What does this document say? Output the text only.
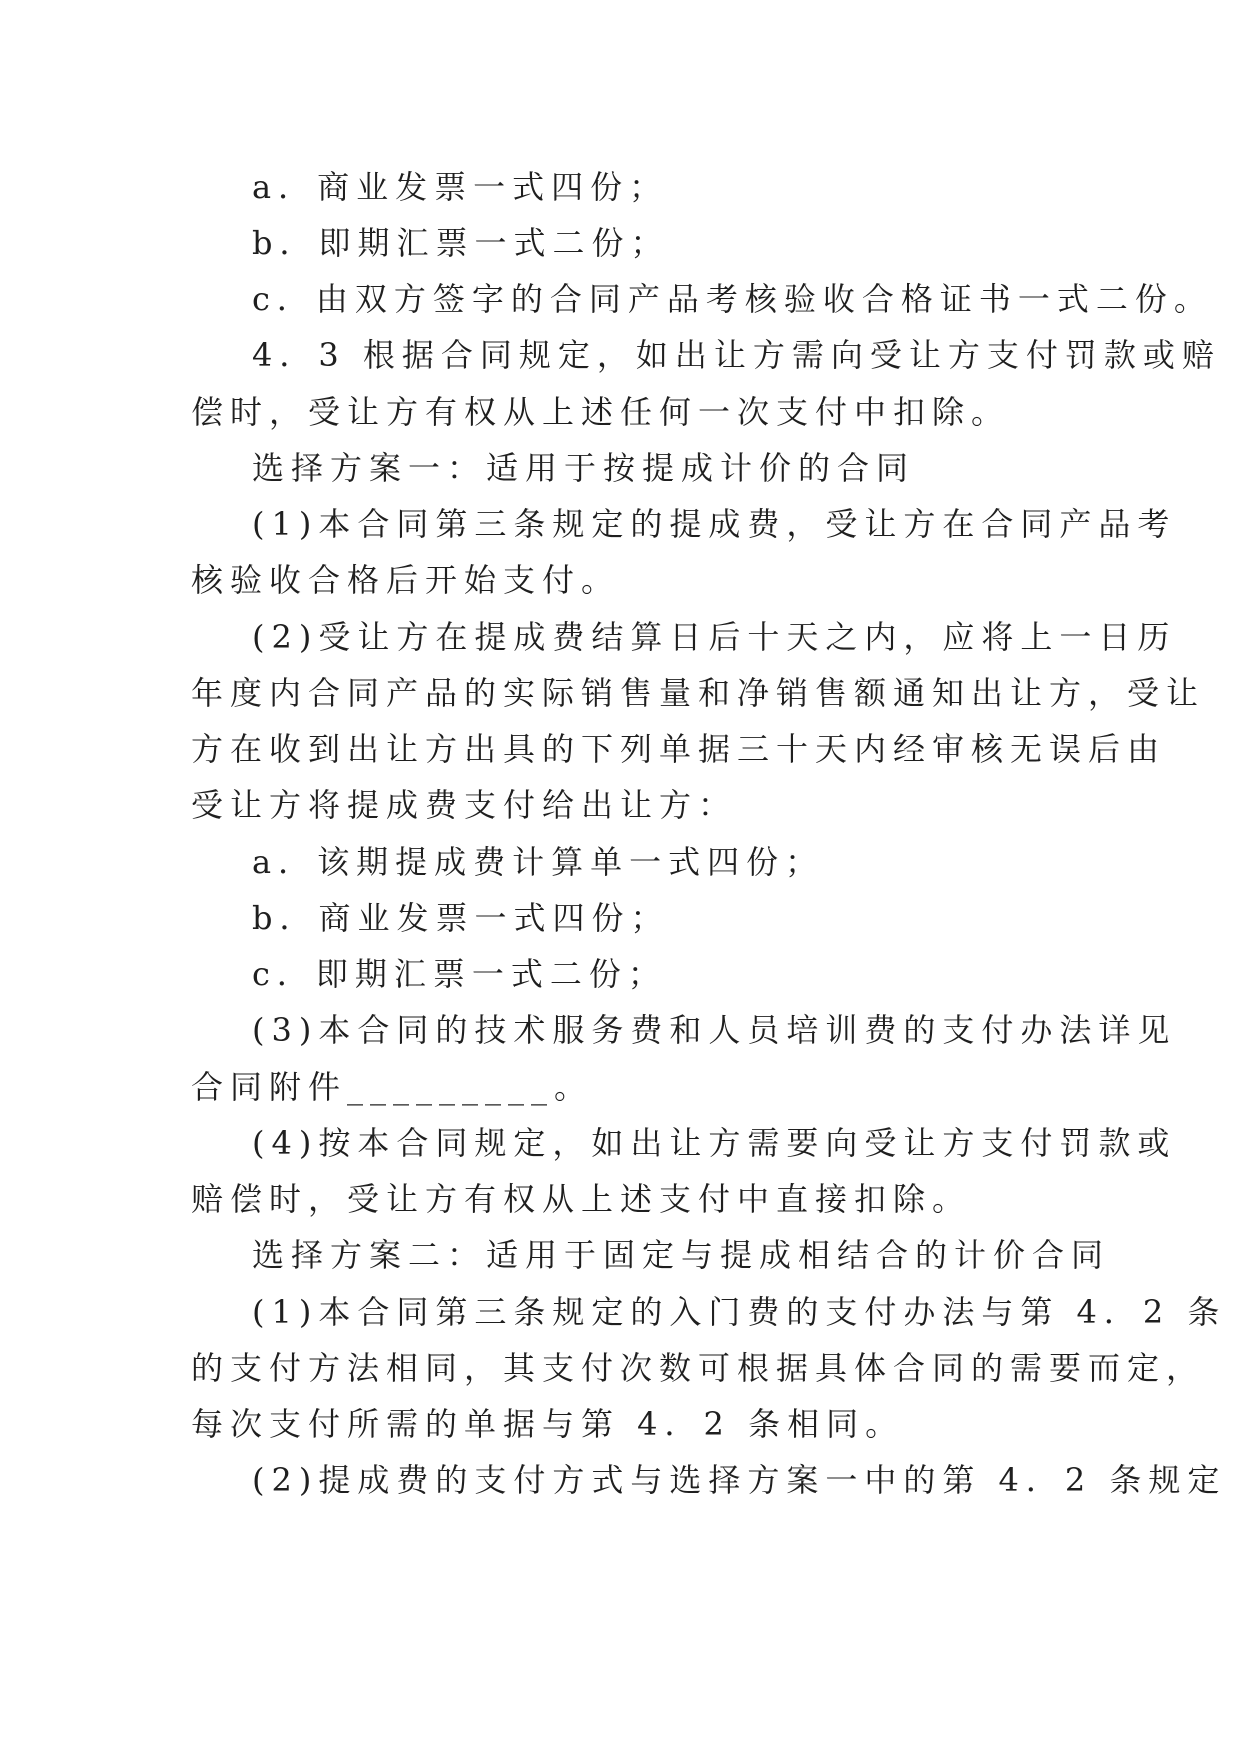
a．商业发票一式四份；
b．即期汇票一式二份；
c．由双方签字的合同产品考核验收合格证书一式二份。
4．3 根据合同规定，如出让方需向受让方支付罚款或赔
偿时，受让方有权从上述任何一次支付中扣除。
选择方案一：适用于按提成计价的合同
(1)本合同第三条规定的提成费，受让方在合同产品考
核验收合格后开始支付。
(2)受让方在提成费结算日后十天之内，应将上一日历
年度内合同产品的实际销售量和净销售额通知出让方，受让
方在收到出让方出具的下列单据三十天内经审核无误后由
受让方将提成费支付给出让方：
a．该期提成费计算单一式四份；
b．商业发票一式四份；
c．即期汇票一式二份；
(3)本合同的技术服务费和人员培训费的支付办法详见
合同附件_________。
(4)按本合同规定，如出让方需要向受让方支付罚款或
赔偿时，受让方有权从上述支付中直接扣除。
选择方案二：适用于固定与提成相结合的计价合同
(1)本合同第三条规定的入门费的支付办法与第 4．2 条
的支付方法相同，其支付次数可根据具体合同的需要而定，
每次支付所需的单据与第 4．2 条相同。
(2)提成费的支付方式与选择方案一中的第 4．2 条规定
